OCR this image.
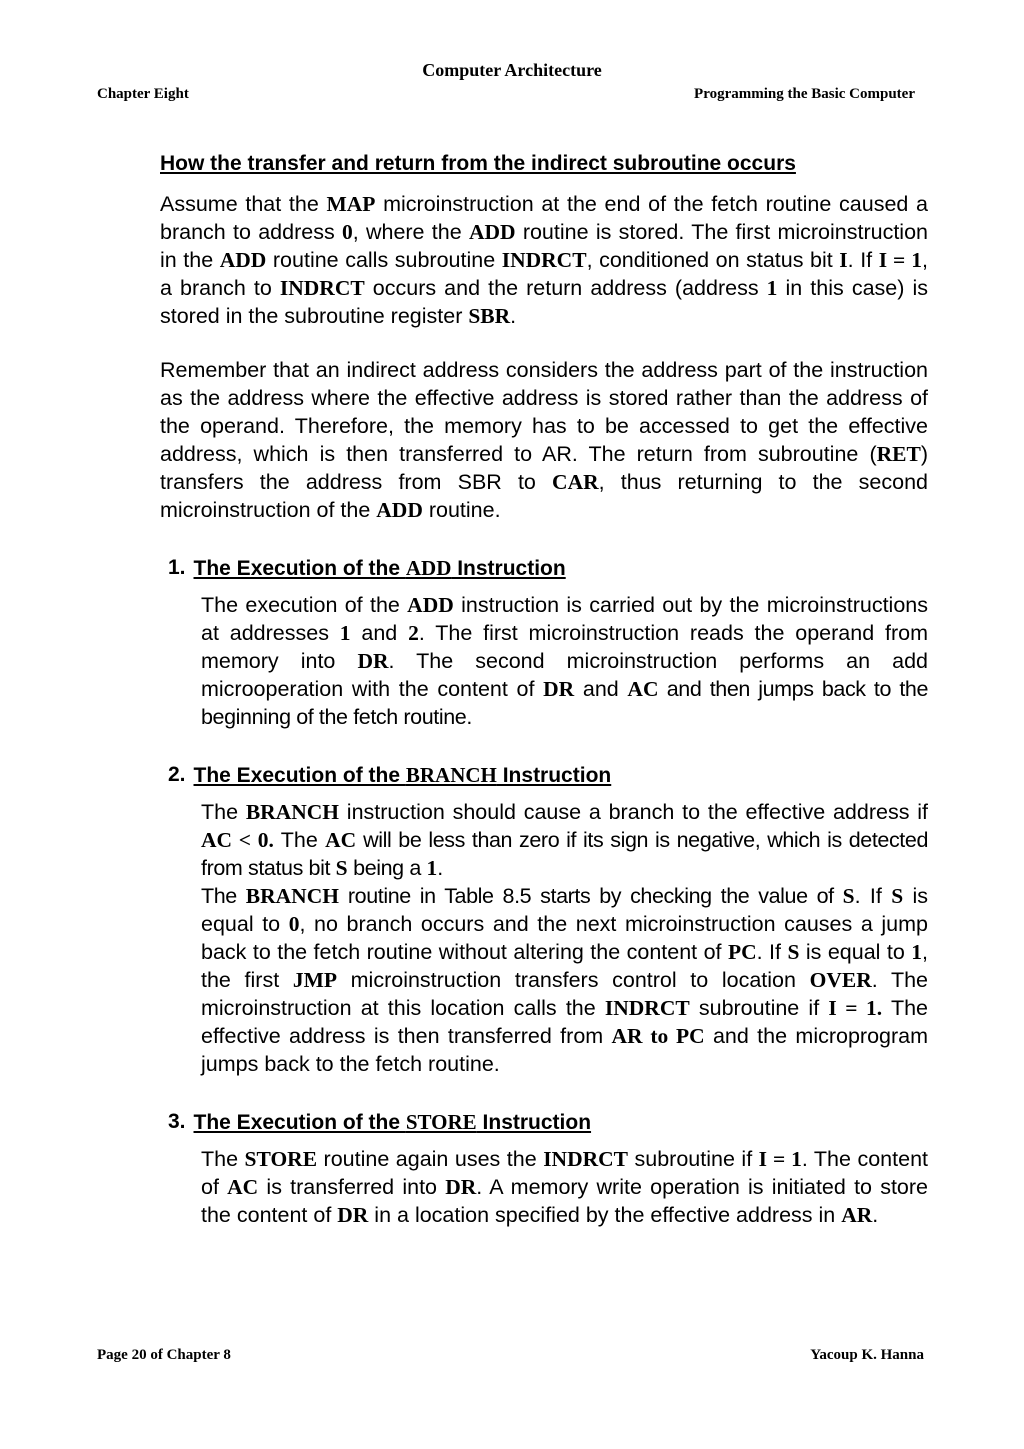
Computer Architecture
Chapter Eight	Programming the Basic Computer
How the transfer and return from the indirect subroutine occurs

Assume that the MAP microinstruction at the end of the fetch routine caused a branch to address 0, where the ADD routine is stored. The first microinstruction in the ADD routine calls subroutine INDRCT, conditioned on status bit I. If I = 1, a branch to INDRCT occurs and the return address (address 1 in this case) is stored in the subroutine register SBR.

Remember that an indirect address considers the address part of the instruction as the address where the effective address is stored rather than the address of the operand. Therefore, the memory has to be accessed to get the effective address, which is then transferred to AR. The return from subroutine (RET) transfers the address from SBR to CAR, thus returning to the second microinstruction of the ADD routine.

1. The Execution of the ADD Instruction

The execution of the ADD instruction is carried out by the microinstructions at addresses 1 and 2. The first microinstruction reads the operand from memory into DR. The second microinstruction performs an add microoperation with the content of DR and AC and then jumps back to the beginning of the fetch routine.

2. The Execution of the BRANCH Instruction

The BRANCH instruction should cause a branch to the effective address if AC < 0. The AC will be less than zero if its sign is negative, which is detected from status bit S being a 1.

The BRANCH routine in Table 8.5 starts by checking the value of S. If S is equal to 0, no branch occurs and the next microinstruction causes a jump back to the fetch routine without altering the content of PC. If S is equal to 1, the first JMP microinstruction transfers control to location OVER. The microinstruction at this location calls the INDRCT subroutine if I = 1. The effective address is then transferred from AR to PC and the microprogram jumps back to the fetch routine.

3. The Execution of the STORE Instruction

The STORE routine again uses the INDRCT subroutine if I = 1. The content of AC is transferred into DR. A memory write operation is initiated to store the content of DR in a location specified by the effective address in AR.

Page 20 of Chapter 8	Yacoup K. Hanna
